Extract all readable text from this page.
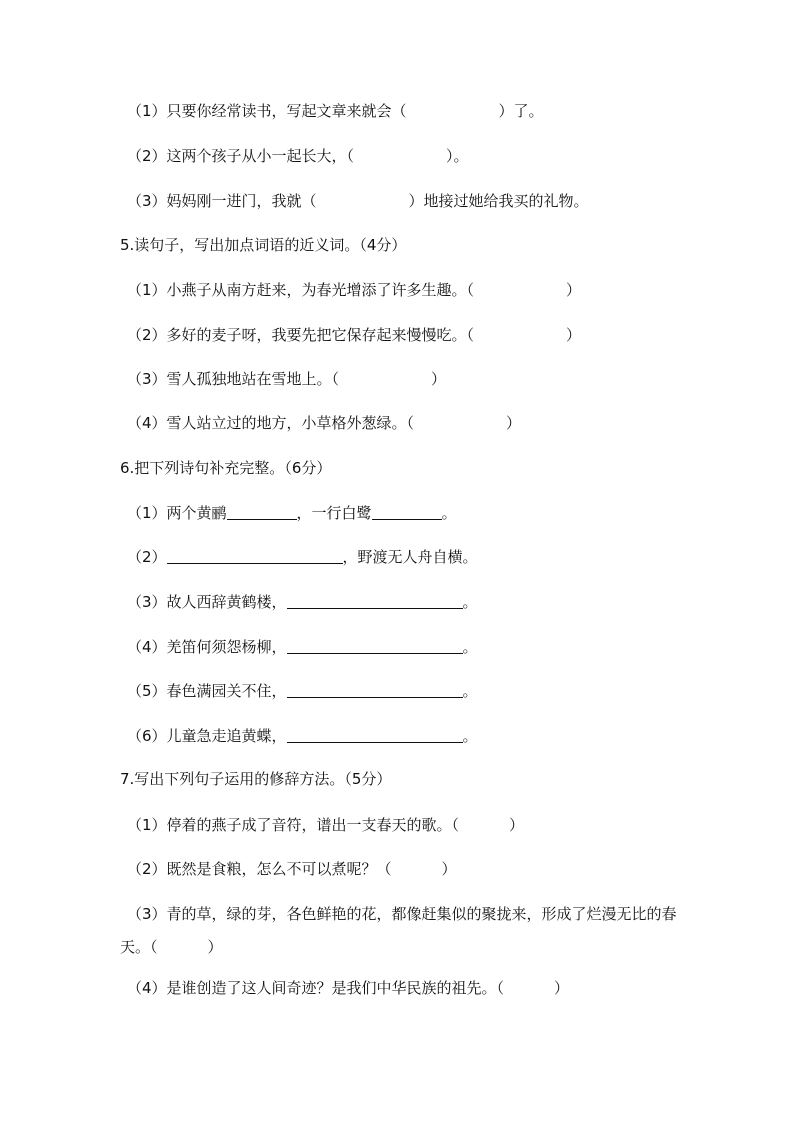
（1）只要你经常读书，写起文章来就会（	）了。
（2）这两个孩子从小一起长大，（	）。
（3）妈妈刚一进门，我就（	）地接过她给我买的礼物。
5.读句子，写出加点词语的近义词。（4分）
（1）小燕子从南方赶来，为春光增添了许多生趣。（	）
（2）多好的麦子呀，我要先把它保存起来慢慢吃。（	）
（3）雪人孤独地站在雪地上。（	）
（4）雪人站立过的地方，小草格外葱绿。（	）
6.把下列诗句补充完整。（6分）
（1）两个黄鹂	，一行白鹭	。
（2）	，野渡无人舟自横。
（3）故人西辞黄鹤楼，	。
（4）羌笛何须怨杨柳，	。
（5）春色满园关不住，	。
（6）儿童急走追黄蝶，	。
7.写出下列句子运用的修辞方法。（5分）
（1）停着的燕子成了音符，谱出一支春天的歌。（	）
（2）既然是食粮，怎么不可以煮呢？（	）
（3）青的草，绿的芽，各色鲜艳的花，都像赶集似的聚拢来，形成了烂漫无比的春天。（	）
（4）是谁创造了这人间奇迹？是我们中华民族的祖先。（	）
